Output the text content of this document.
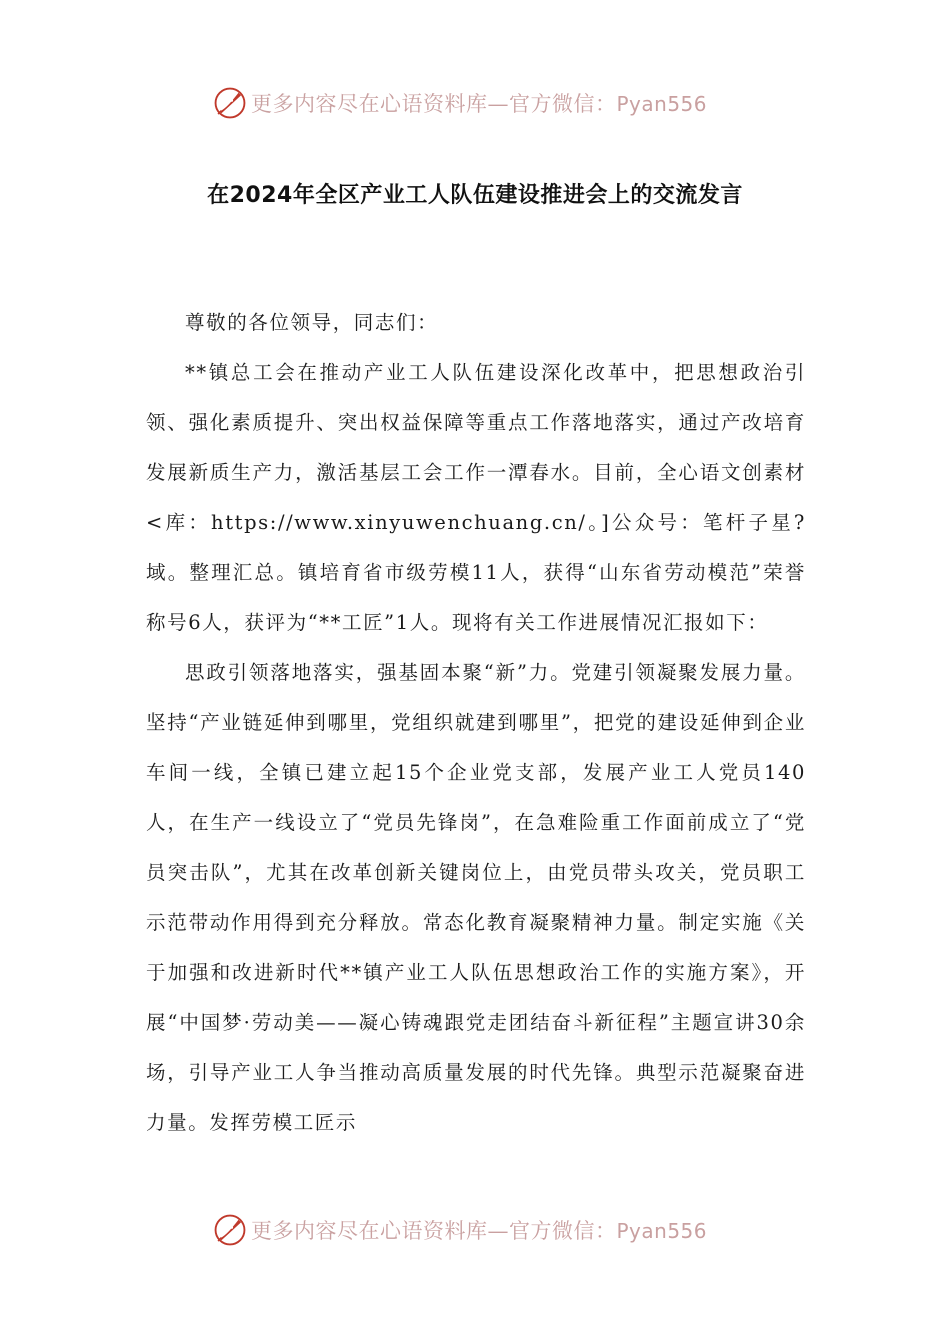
更多内容尽在心语资料库—官方微信：Pyan556
在2024年全区产业工人队伍建设推进会上的交流发言

尊敬的各位领导，同志们：

**镇总工会在推动产业工人队伍建设深化改革中，把思想政治引领、强化素质提升、突出权益保障等重点工作落地落实，通过产改培育发展新质生产力，激活基层工会工作一潭春水。目前，全心语文创素材<库：https://www.xinyuwenchuang.cn/。]公众号：笔杆子星?域。整理汇总。镇培育省市级劳模11人，获得“山东省劳动模范”荣誉称号6人，获评为“**工匠”1人。现将有关工作进展情况汇报如下：

思政引领落地落实，强基固本聚“新”力。党建引领凝聚发展力量。坚持“产业链延伸到哪里，党组织就建到哪里”，把党的建设延伸到企业车间一线，全镇已建立起15个企业党支部，发展产业工人党员140人，在生产一线设立了“党员先锋岗”，在急难险重工作面前成立了“党员突击队”，尤其在改革创新关键岗位上，由党员带头攻关，党员职工示范带动作用得到充分释放。常态化教育凝聚精神力量。制定实施《关于加强和改进新时代**镇产业工人队伍思想政治工作的实施方案》，开展“中国梦·劳动美——凝心铸魂跟党走团结奋斗新征程”主题宣讲30余场，引导产业工人争当推动高质量发展的时代先锋。典型示范凝聚奋进力量。发挥劳模工匠示

更多内容尽在心语资料库—官方微信：Pyan556
